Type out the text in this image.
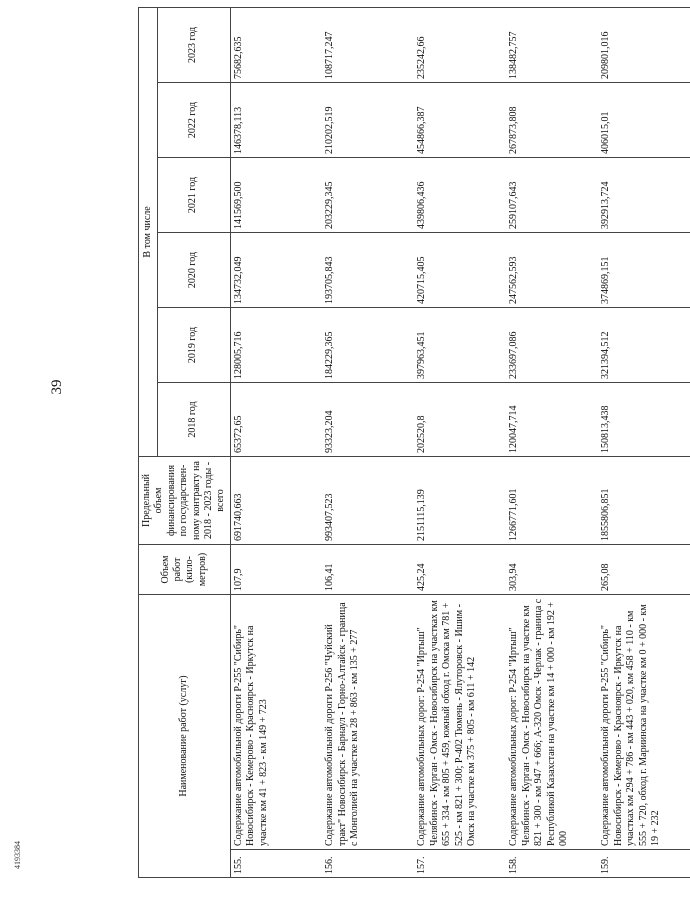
39
4193384
Наименование работ (услуг)		Объем работ (кило-метров)	Предельный объем финансирования по государствен-ному контракту на 2018 - 2023 годы - всего	В том числе					
				2018 год	2019 год	2020 год	2021 год	2022 год	2023 год
155.	Содержание автомобильной дороги Р-255 "Сибирь" Новосибирск - Кемерово - Красноярск - Иркутск на участке км 41 + 823 - км 149 + 723	107,9	691740,663	65372,65	128005,716	134732,049	141569,500	146378,113	75682,635
156.	Содержание автомобильной дороги Р-256 "Чуйский тракт" Новосибирск - Барнаул - Горно-Алтайск - граница с Монголией на участке км 28 + 863 - км 135 + 277	106,41	993407,523	93323,204	184229,365	193705,843	203229,345	210202,519	108717,247
157.	Содержание автомобильных дорог: Р-254 "Иртыш" Челябинск - Курган - Омск - Новосибирск на участках км 655 + 334 - км 805 + 459, южный обход г. Омска км 781 + 525 - км 821 + 300; Р-402 Тюмень - Ялуторовск - Ишим - Омск на участке км 375 + 805 - км 611 + 142	425,24	2151115,139	202520,8	397963,451	420715,405	439806,436	454866,387	235242,66
158.	Содержание автомобильных дорог: Р-254 "Иртыш" Челябинск - Курган - Омск - Новосибирск на участке км 821 + 300 - км 947 + 666; А-320 Омск - Черлак - граница с Республикой Казахстан на участке км 14 + 000 - км 192 + 000	303,94	1266771,601	120047,714	233697,086	247562,593	259107,643	267873,808	138482,757
159.	Содержание автомобильной дороги Р-255 "Сибирь" Новосибирск - Кемерово - Красноярск - Иркутск на участках км 294 + 786 - км 443 + 020, км 458 + 110 - км 555 + 720, обход г. Мариинска на участке км 0 + 000 - км 19 + 232	265,08	1855806,851	150813,438	321394,512	374869,151	392913,724	406015,01	209801,016
